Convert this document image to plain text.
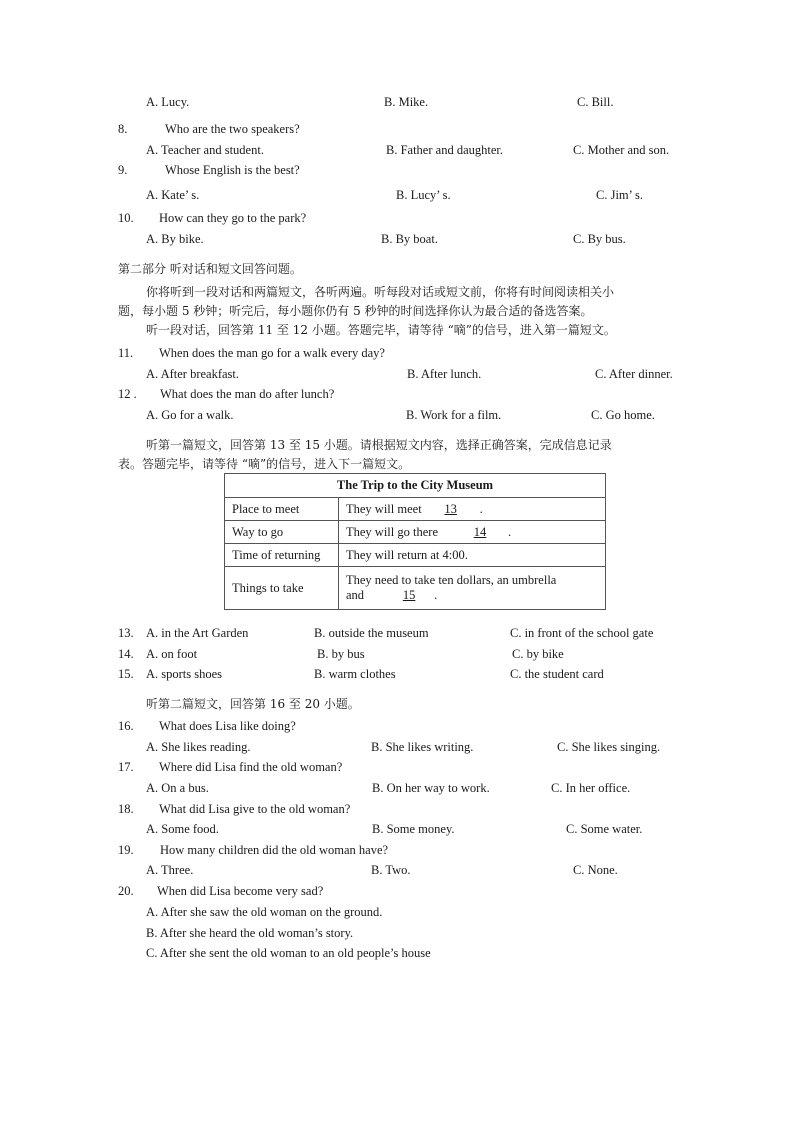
A. Lucy.	B. Mike.	C. Bill.
8.	Who are the two speakers?
A. Teacher and student.	B. Father and daughter.	C. Mother and son.
9.	Whose English is the best?
A. Kate’ s.	B. Lucy’ s.	C. Jim’ s.
10. How can they go to the park?
A. By bike.	B. By boat.	C. By bus.
第二部分 听对话和短文回答问题。
你将听到一段对话和两篇短文，各听两遍。听每段对话或短文前，你将有时间阅读相关小
题，每小题 5 秒钟；听完后，每小题你仍有 5 秒钟的时间选择你认为最合适的备选答案。
听一段对话，回答第 11 至 12 小题。答题完毕，请等待 “嘀”的信号，进入第一篇短文。
11. When does the man go for a walk every day?
A. After breakfast.	B. After lunch.	C. After dinner.
12 . What does the man do after lunch?
A. Go for a walk.	B. Work for a film.	C. Go home.
听第一篇短文，回答第 13 至 15 小题。请根据短文内容，选择正确答案，完成信息记录
表。答题完毕，请等待 “嘀”的信号，进入下一篇短文。
The Trip to the City Museum	
Place to meet	They will meet 13 .
Way to go	They will go there 14 .
Time of returning	They will return at 4:00.
Things to take	They need to take ten dollars, an umbrella
and 15 .
13. A. in the Art Garden	B. outside the museum	C. in front of the school gate
14. A. on foot	B. by bus	C. by bike
15. A. sports shoes	B. warm clothes	C. the student card
听第二篇短文，回答第 16 至 20 小题。
16. What does Lisa like doing?
A. She likes reading.	B. She likes writing.	C. She likes singing.
17. Where did Lisa find the old woman?
A. On a bus.	B. On her way to work.	C. In her office.
18. What did Lisa give to the old woman?
A. Some food.	B. Some money.	C. Some water.
19. How many children did the old woman have?
A. Three.	B. Two.	C. None.
20. When did Lisa become very sad?
A. After she saw the old woman on the ground.
B. After she heard the old woman’s story.
C. After she sent the old woman to an old people’s house
